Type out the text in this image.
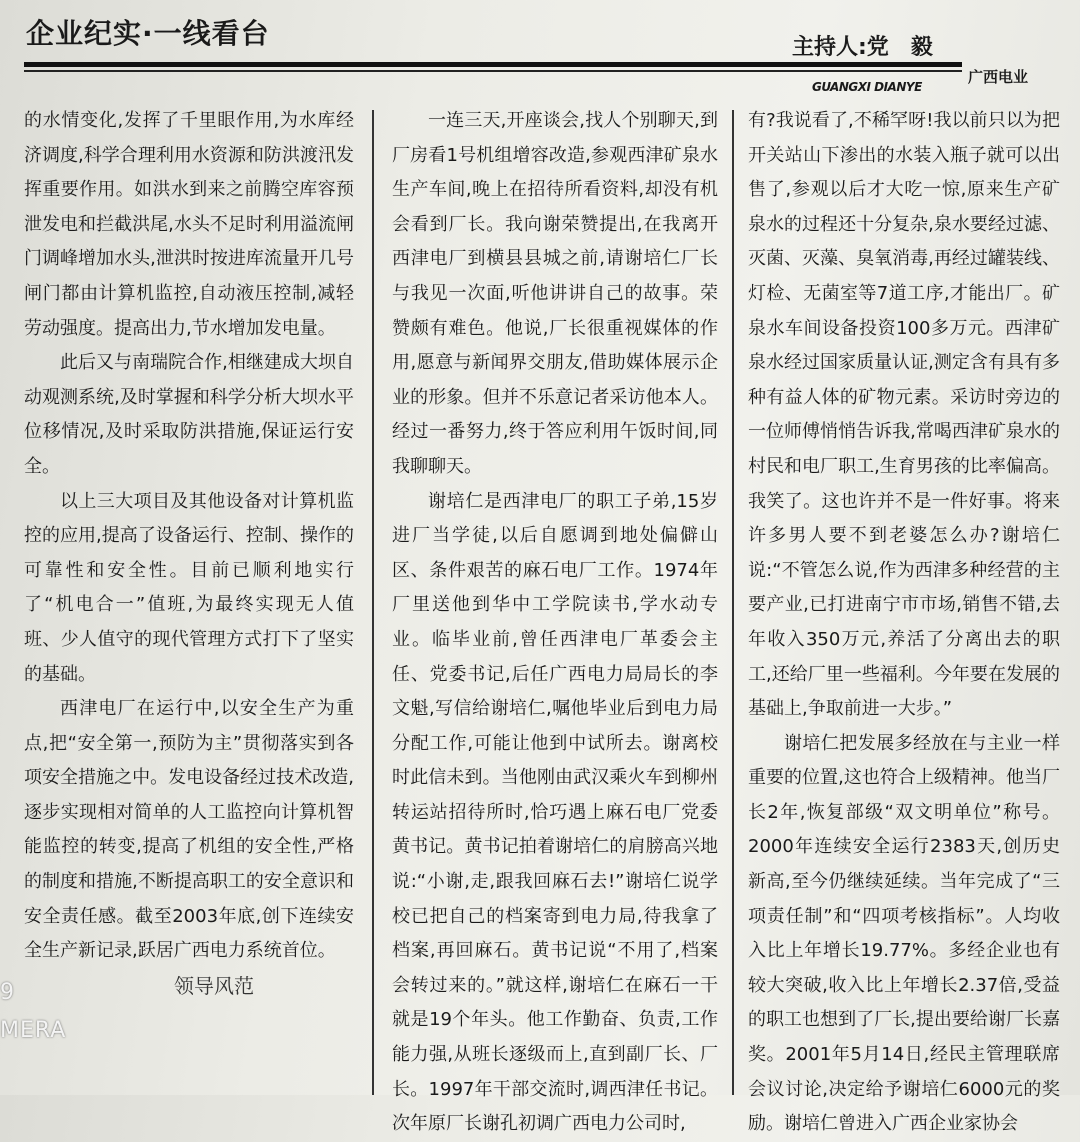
企业纪实·一线看台	主持人:党　毅
GUANGXI DIANYE
广西电业

的水情变化,发挥了千里眼作用,为水库经济调度,科学合理利用水资源和防洪渡汛发挥重要作用。如洪水到来之前腾空库容预泄发电和拦截洪尾,水头不足时利用溢流闸门调峰增加水头,泄洪时按进库流量开几号闸门都由计算机监控,自动液压控制,减轻劳动强度。提高出力,节水增加发电量。

此后又与南瑞院合作,相继建成大坝自动观测系统,及时掌握和科学分析大坝水平位移情况,及时采取防洪措施,保证运行安全。

以上三大项目及其他设备对计算机监控的应用,提高了设备运行、控制、操作的可靠性和安全性。目前已顺利地实行了“机电合一”值班,为最终实现无人值班、少人值守的现代管理方式打下了坚实的基础。

西津电厂在运行中,以安全生产为重点,把“安全第一,预防为主”贯彻落实到各项安全措施之中。发电设备经过技术改造,逐步实现相对简单的人工监控向计算机智能监控的转变,提高了机组的安全性,严格的制度和措施,不断提高职工的安全意识和安全责任感。截至2003年底,创下连续安全生产新记录,跃居广西电力系统首位。

领导风范

一连三天,开座谈会,找人个别聊天,到厂房看1号机组增容改造,参观西津矿泉水生产车间,晚上在招待所看资料,却没有机会看到厂长。我向谢荣赞提出,在我离开西津电厂到横县县城之前,请谢培仁厂长与我见一次面,听他讲讲自己的故事。荣赞颇有难色。他说,厂长很重视媒体的作用,愿意与新闻界交朋友,借助媒体展示企业的形象。但并不乐意记者采访他本人。经过一番努力,终于答应利用午饭时间,同我聊聊天。

谢培仁是西津电厂的职工子弟,15岁进厂当学徒,以后自愿调到地处偏僻山区、条件艰苦的麻石电厂工作。1974年厂里送他到华中工学院读书,学水动专业。临毕业前,曾任西津电厂革委会主任、党委书记,后任广西电力局局长的李文魁,写信给谢培仁,嘱他毕业后到电力局分配工作,可能让他到中试所去。谢离校时此信未到。当他刚由武汉乘火车到柳州转运站招待所时,恰巧遇上麻石电厂党委黄书记。黄书记拍着谢培仁的肩膀高兴地说:“小谢,走,跟我回麻石去!”谢培仁说学校已把自己的档案寄到电力局,待我拿了档案,再回麻石。黄书记说“不用了,档案会转过来的。”就这样,谢培仁在麻石一干就是19个年头。他工作勤奋、负责,工作能力强,从班长逐级而上,直到副厂长、厂长。1997年干部交流时,调西津任书记。次年原厂长谢孔初调广西电力公司时,

有?我说看了,不稀罕呀!我以前只以为把开关站山下渗出的水装入瓶子就可以出售了,参观以后才大吃一惊,原来生产矿泉水的过程还十分复杂,泉水要经过滤、灭菌、灭藻、臭氧消毒,再经过罐装线、灯检、无菌室等7道工序,才能出厂。矿泉水车间设备投资100多万元。西津矿泉水经过国家质量认证,测定含有具有多种有益人体的矿物元素。采访时旁边的一位师傅悄悄告诉我,常喝西津矿泉水的村民和电厂职工,生育男孩的比率偏高。我笑了。这也许并不是一件好事。将来许多男人要不到老婆怎么办?谢培仁说:“不管怎么说,作为西津多种经营的主要产业,已打进南宁市市场,销售不错,去年收入350万元,养活了分离出去的职工,还给厂里一些福利。今年要在发展的基础上,争取前进一大步。”

谢培仁把发展多经放在与主业一样重要的位置,这也符合上级精神。他当厂长2年,恢复部级“双文明单位”称号。2000年连续安全运行2383天,创历史新高,至今仍继续延续。当年完成了“三项责任制”和“四项考核指标”。人均收入比上年增长19.77%。多经企业也有较大突破,收入比上年增长2.37倍,受益的职工也想到了厂长,提出要给谢厂长嘉奖。2001年5月14日,经民主管理联席会议讨论,决定给予谢培仁6000元的奖励。谢培仁曾进入广西企业家协会

9
MERA
